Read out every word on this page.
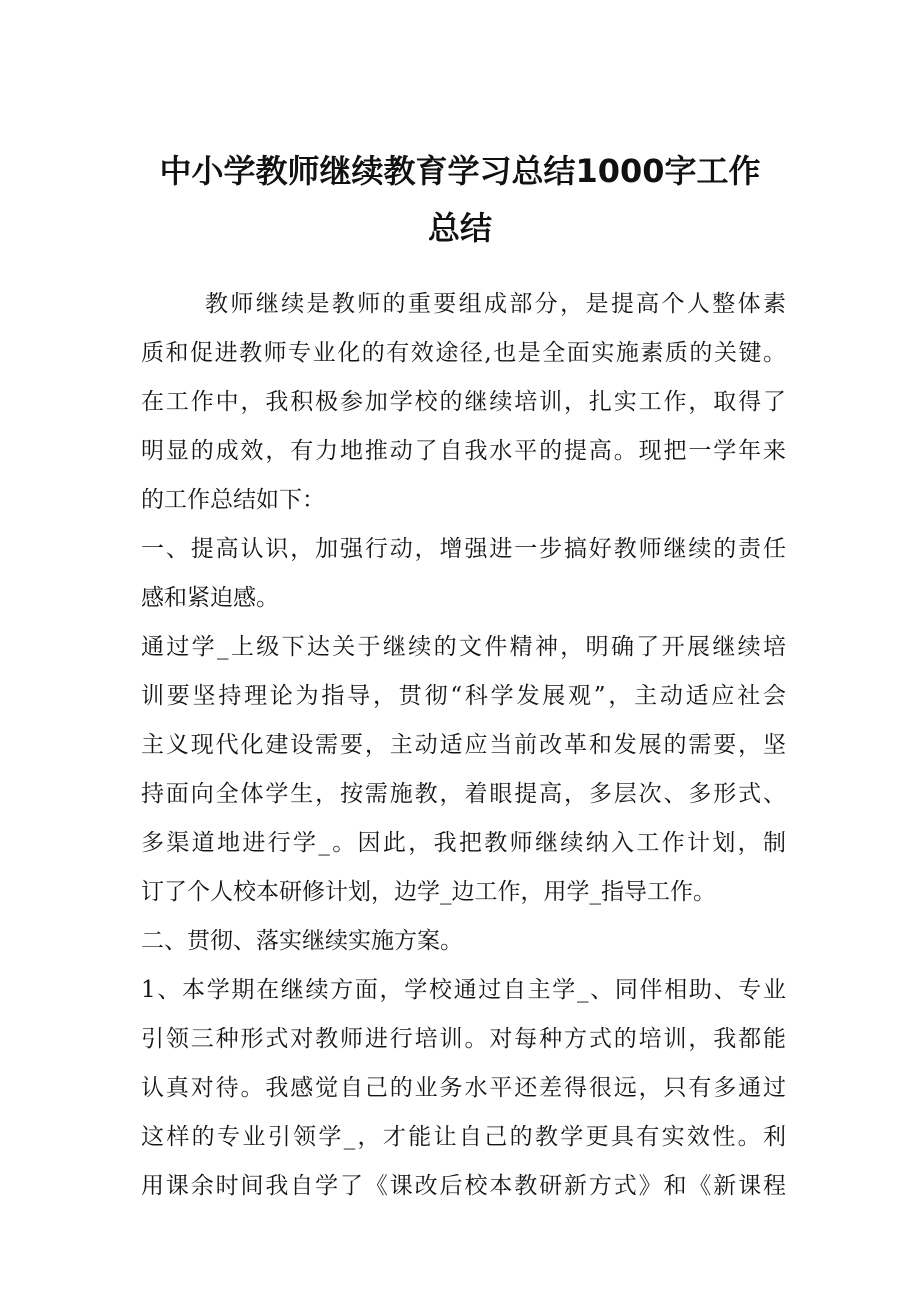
中小学教师继续教育学习总结1000字工作
总结
教师继续是教师的重要组成部分，是提高个人整体素
质和促进教师专业化的有效途径,也是全面实施素质的关键。
在工作中，我积极参加学校的继续培训，扎实工作，取得了
明显的成效，有力地推动了自我水平的提高。现把一学年来
的工作总结如下：
一、提高认识，加强行动，增强进一步搞好教师继续的责任
感和紧迫感。
通过学_上级下达关于继续的文件精神，明确了开展继续培
训要坚持理论为指导，贯彻“科学发展观”，主动适应社会
主义现代化建设需要，主动适应当前改革和发展的需要，坚
持面向全体学生，按需施教，着眼提高，多层次、多形式、
多渠道地进行学_。因此，我把教师继续纳入工作计划，制
订了个人校本研修计划，边学_边工作，用学_指导工作。
二、贯彻、落实继续实施方案。
1、本学期在继续方面，学校通过自主学_、同伴相助、专业
引领三种形式对教师进行培训。对每种方式的培训，我都能
认真对待。我感觉自己的业务水平还差得很远，只有多通过
这样的专业引领学_，才能让自己的教学更具有实效性。利
用课余时间我自学了《课改后校本教研新方式》和《新课程
